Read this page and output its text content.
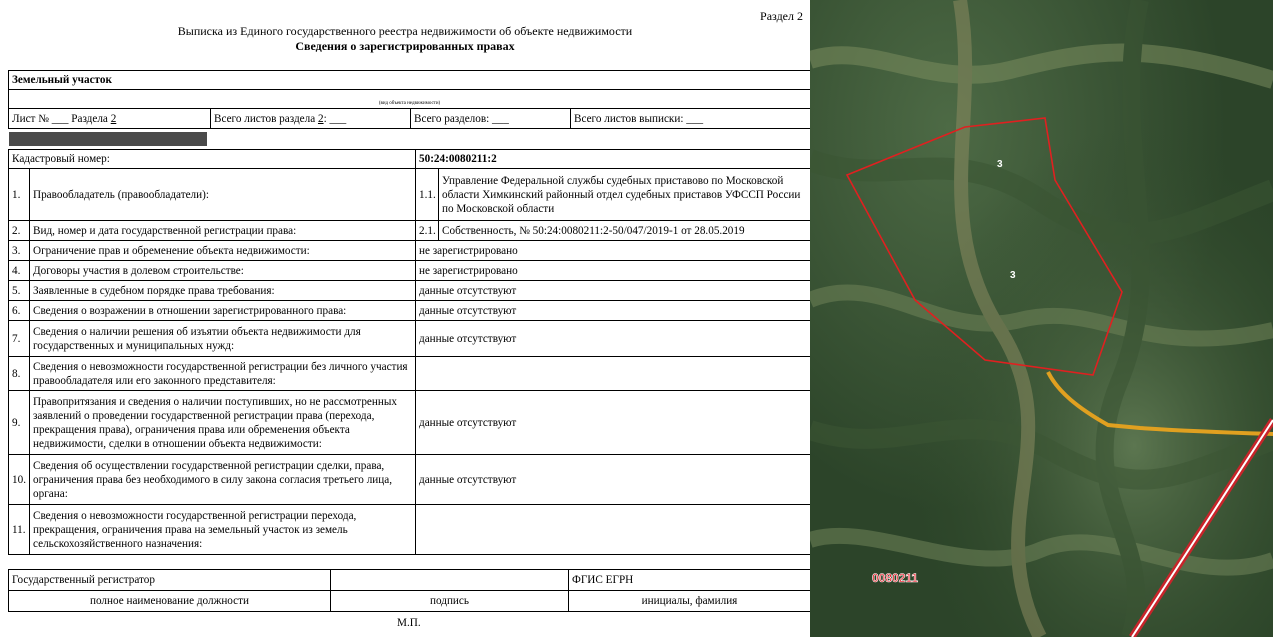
Раздел 2
Выписка из Единого государственного реестра недвижимости об объекте недвижимости
Сведения о зарегистрированных правах
Земельный участок
(вид объекта недвижимости)
Лист № ___ Раздела 2	Всего листов раздела 2: ___	Всего разделов: ___	Всего листов выписки: ___
Кадастровый номер:		50:24:0080211:2	
1.	Правообладатель (правообладатели):	1.1.	Управление Федеральной службы судебных приставово по Московской области Химкинский районный отдел судебных приставов УФССП России по Московской области
2.	Вид, номер и дата государственной регистрации права:	2.1.	Собственность, № 50:24:0080211:2-50/047/2019-1 от 28.05.2019
3.	Ограничение прав и обременение объекта недвижимости:	не зарегистрировано	
4.	Договоры участия в долевом строительстве:	не зарегистрировано	
5.	Заявленные в судебном порядке права требования:	данные отсутствуют	
6.	Сведения о возражении в отношении зарегистрированного права:	данные отсутствуют	
7.	Сведения о наличии решения об изъятии объекта недвижимости для государственных и муниципальных нужд:	данные отсутствуют	
8.	Сведения о невозможности государственной регистрации без личного участия правообладателя или его законного представителя:		
9.	Правопритязания и сведения о наличии поступивших, но не рассмотренных заявлений о проведении государственной регистрации права (перехода, прекращения права), ограничения права или обременения объекта недвижимости, сделки в отношении объекта недвижимости:	данные отсутствуют	
10.	Сведения об осуществлении государственной регистрации сделки, права, ограничения права без необходимого в силу закона согласия третьего лица, органа:	данные отсутствуют	
11.	Сведения о невозможности государственной регистрации перехода, прекращения, ограничения права на земельный участок из земель сельскохозяйственного назначения:		
Государственный регистратор		ФГИС ЕГРН
полное наименование должности	подпись	инициалы, фамилия
М.П.
3
3
0080211
